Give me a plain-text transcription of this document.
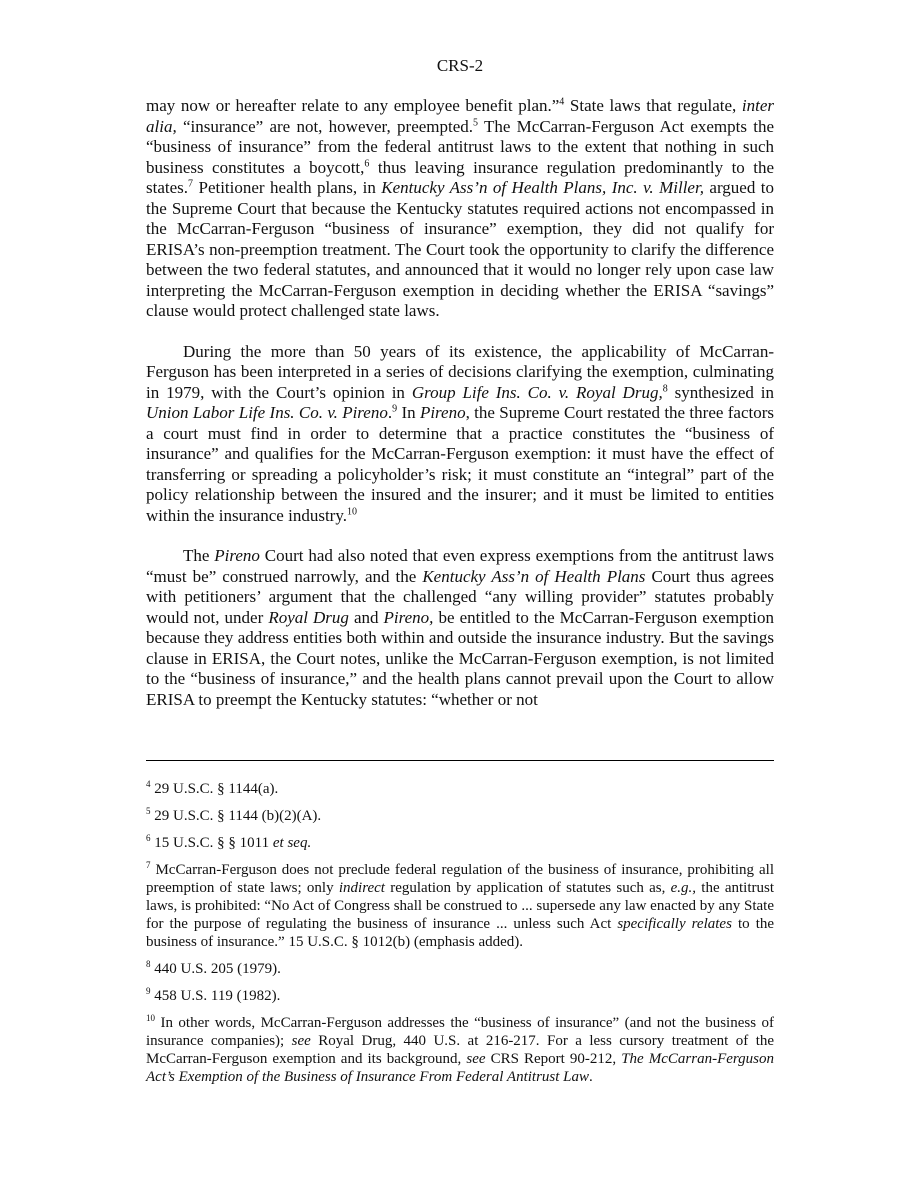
CRS-2

may now or hereafter relate to any employee benefit plan.”$^4$ State laws that regulate, inter alia, “insurance” are not, however, preempted.$^5$ The McCarran-Ferguson Act exempts the “business of insurance” from the federal antitrust laws to the extent that nothing in such business constitutes a boycott,$^6$ thus leaving insurance regulation predominantly to the states.$^7$ Petitioner health plans, in Kentucky Ass’n of Health Plans, Inc. v. Miller, argued to the Supreme Court that because the Kentucky statutes required actions not encompassed in the McCarran-Ferguson “business of insurance” exemption, they did not qualify for ERISA’s non-preemption treatment. The Court took the opportunity to clarify the difference between the two federal statutes, and announced that it would no longer rely upon case law interpreting the McCarran-Ferguson exemption in deciding whether the ERISA “savings” clause would protect challenged state laws.

During the more than 50 years of its existence, the applicability of McCarran-Ferguson has been interpreted in a series of decisions clarifying the exemption, culminating in 1979, with the Court’s opinion in Group Life Ins. Co. v. Royal Drug,$^8$ synthesized in Union Labor Life Ins. Co. v. Pireno.$^9$ In Pireno, the Supreme Court restated the three factors a court must find in order to determine that a practice constitutes the “business of insurance” and qualifies for the McCarran-Ferguson exemption: it must have the effect of transferring or spreading a policyholder’s risk; it must constitute an “integral” part of the policy relationship between the insured and the insurer; and it must be limited to entities within the insurance industry.$^{10}$

The Pireno Court had also noted that even express exemptions from the antitrust laws “must be” construed narrowly, and the Kentucky Ass’n of Health Plans Court thus agrees with petitioners’ argument that the challenged “any willing provider” statutes probably would not, under Royal Drug and Pireno, be entitled to the McCarran-Ferguson exemption because they address entities both within and outside the insurance industry. But the savings clause in ERISA, the Court notes, unlike the McCarran-Ferguson exemption, is not limited to the “business of insurance,” and the health plans cannot prevail upon the Court to allow ERISA to preempt the Kentucky statutes: “whether or not

$^4$ 29 U.S.C. § 1144(a).

$^5$ 29 U.S.C. § 1144 (b)(2)(A).

$^6$ 15 U.S.C. § § 1011 et seq.

$^7$ McCarran-Ferguson does not preclude federal regulation of the business of insurance, prohibiting all preemption of state laws; only indirect regulation by application of statutes such as, e.g., the antitrust laws, is prohibited: “No Act of Congress shall be construed to ... supersede any law enacted by any State for the purpose of regulating the business of insurance ... unless such Act specifically relates to the business of insurance.” 15 U.S.C. § 1012(b) (emphasis added).

$^8$ 440 U.S. 205 (1979).

$^9$ 458 U.S. 119 (1982).

$^{10}$ In other words, McCarran-Ferguson addresses the “business of insurance” (and not the business of insurance companies); see Royal Drug, 440 U.S. at 216-217. For a less cursory treatment of the McCarran-Ferguson exemption and its background, see CRS Report 90-212, The McCarran-Ferguson Act’s Exemption of the Business of Insurance From Federal Antitrust Law.
